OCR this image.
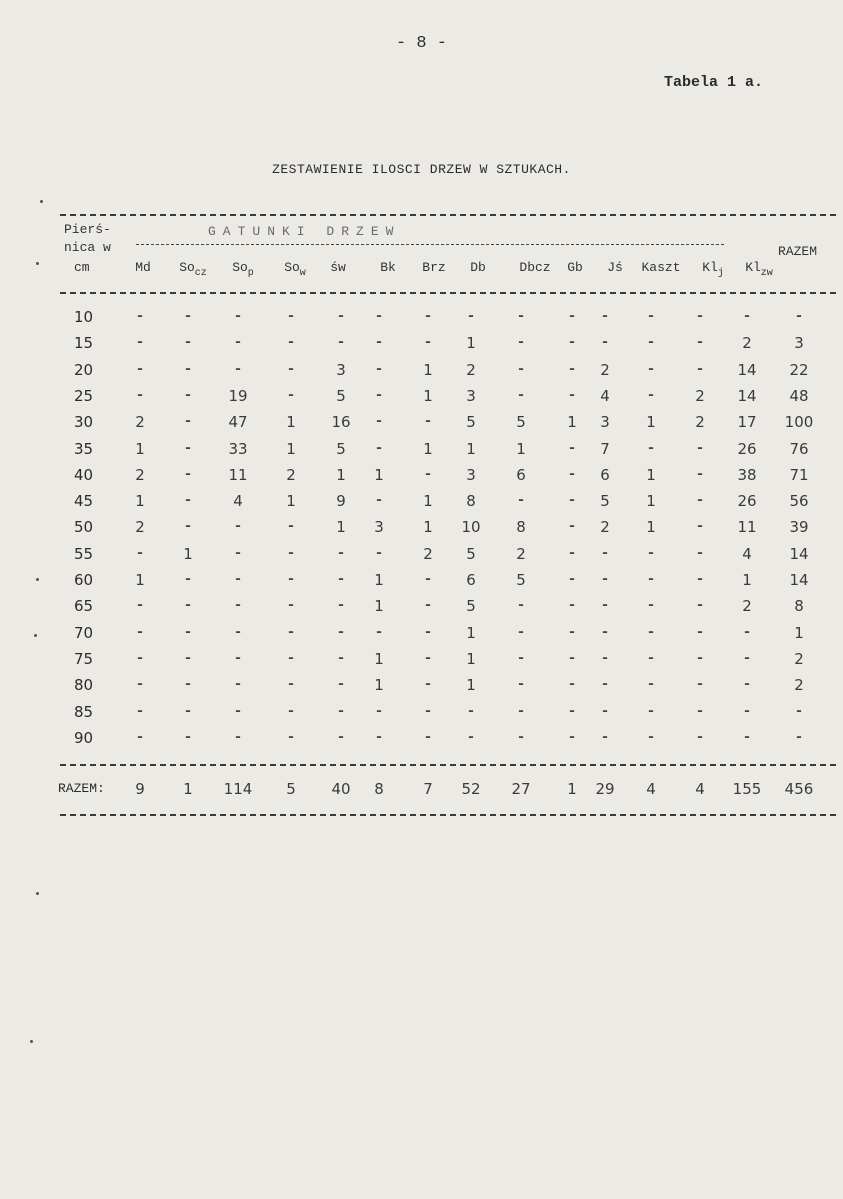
- 8 -
Tabela 1 a.
ZESTAWIENIE ILOSCI DRZEW W SZTUKACH.
Pierś-
nica w
cm
GATUNKI DRZEW
RAZEM
Md	$So_{cz}$	$So_p$	$So_w$	św	Bk	Brz	Db	Dbcz	Gb	Jś	Kaszt	$Kl_j$	$Kl_{zw}$
10	-	-	-	-	-	-	-	-	-	-	-	-	-	-	-
15	-	-	-	-	-	-	-	1	-	-	-	-	-	2	3
20	-	-	-	-	3	-	1	2	-	-	2	-	-	14	22
25	-	-	19	-	5	-	1	3	-	-	4	-	2	14	48
30	2	-	47	1	16	-	-	5	5	1	3	1	2	17	100
35	1	-	33	1	5	-	1	1	1	-	7	-	-	26	76
40	2	-	11	2	1	1	-	3	6	-	6	1	-	38	71
45	1	-	4	1	9	-	1	8	-	-	5	1	-	26	56
50	2	-	-	-	1	3	1	10	8	-	2	1	-	11	39
55	-	1	-	-	-	-	2	5	2	-	-	-	-	4	14
60	1	-	-	-	-	1	-	6	5	-	-	-	-	1	14
65	-	-	-	-	-	1	-	5	-	-	-	-	-	2	8
70	-	-	-	-	-	-	-	1	-	-	-	-	-	-	1
75	-	-	-	-	-	1	-	1	-	-	-	-	-	-	2
80	-	-	-	-	-	1	-	1	-	-	-	-	-	-	2
85	-	-	-	-	-	-	-	-	-	-	-	-	-	-	-
90	-	-	-	-	-	-	-	-	-	-	-	-	-	-	-
RAZEM:	9	1	114	5	40	8	7	52	27	1	29	4	4	155	456
